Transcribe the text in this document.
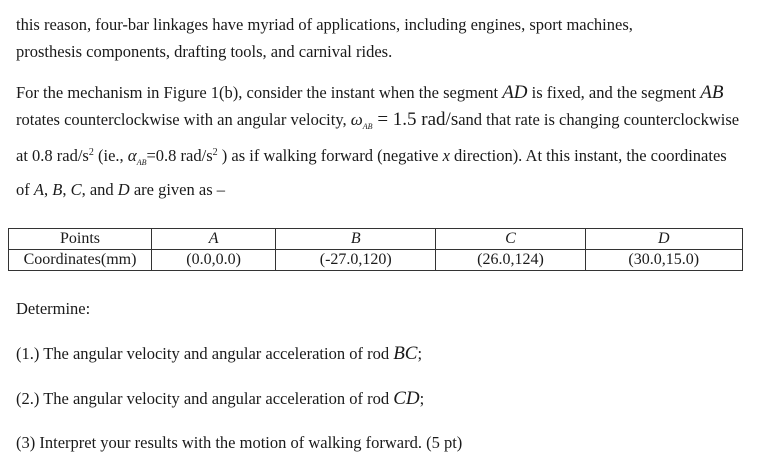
this reason, four-bar linkages have myriad of applications, including engines, sport machines,
prosthesis components, drafting tools, and carnival rides.

For the mechanism in Figure 1(b), consider the instant when the segment AD is fixed, and the segment AB rotates counterclockwise with an angular velocity, $\omega_{AB} = 1.5$ rad/sand that rate is changing counterclockwise at 0.8 rad/$s^2$ (ie., $\alpha_{AB}=0.8$ rad/$s^2$ ) as if walking forward (negative x direction). At this instant, the coordinates of A, B, C, and D are given as –

Points	A	B	C	D
Coordinates(mm)	(0.0,0.0)	(-27.0,120)	(26.0,124)	(30.0,15.0)

Determine:

(1.) The angular velocity and angular acceleration of rod BC;

(2.) The angular velocity and angular acceleration of rod CD;

(3) Interpret your results with the motion of walking forward. (5 pt)
